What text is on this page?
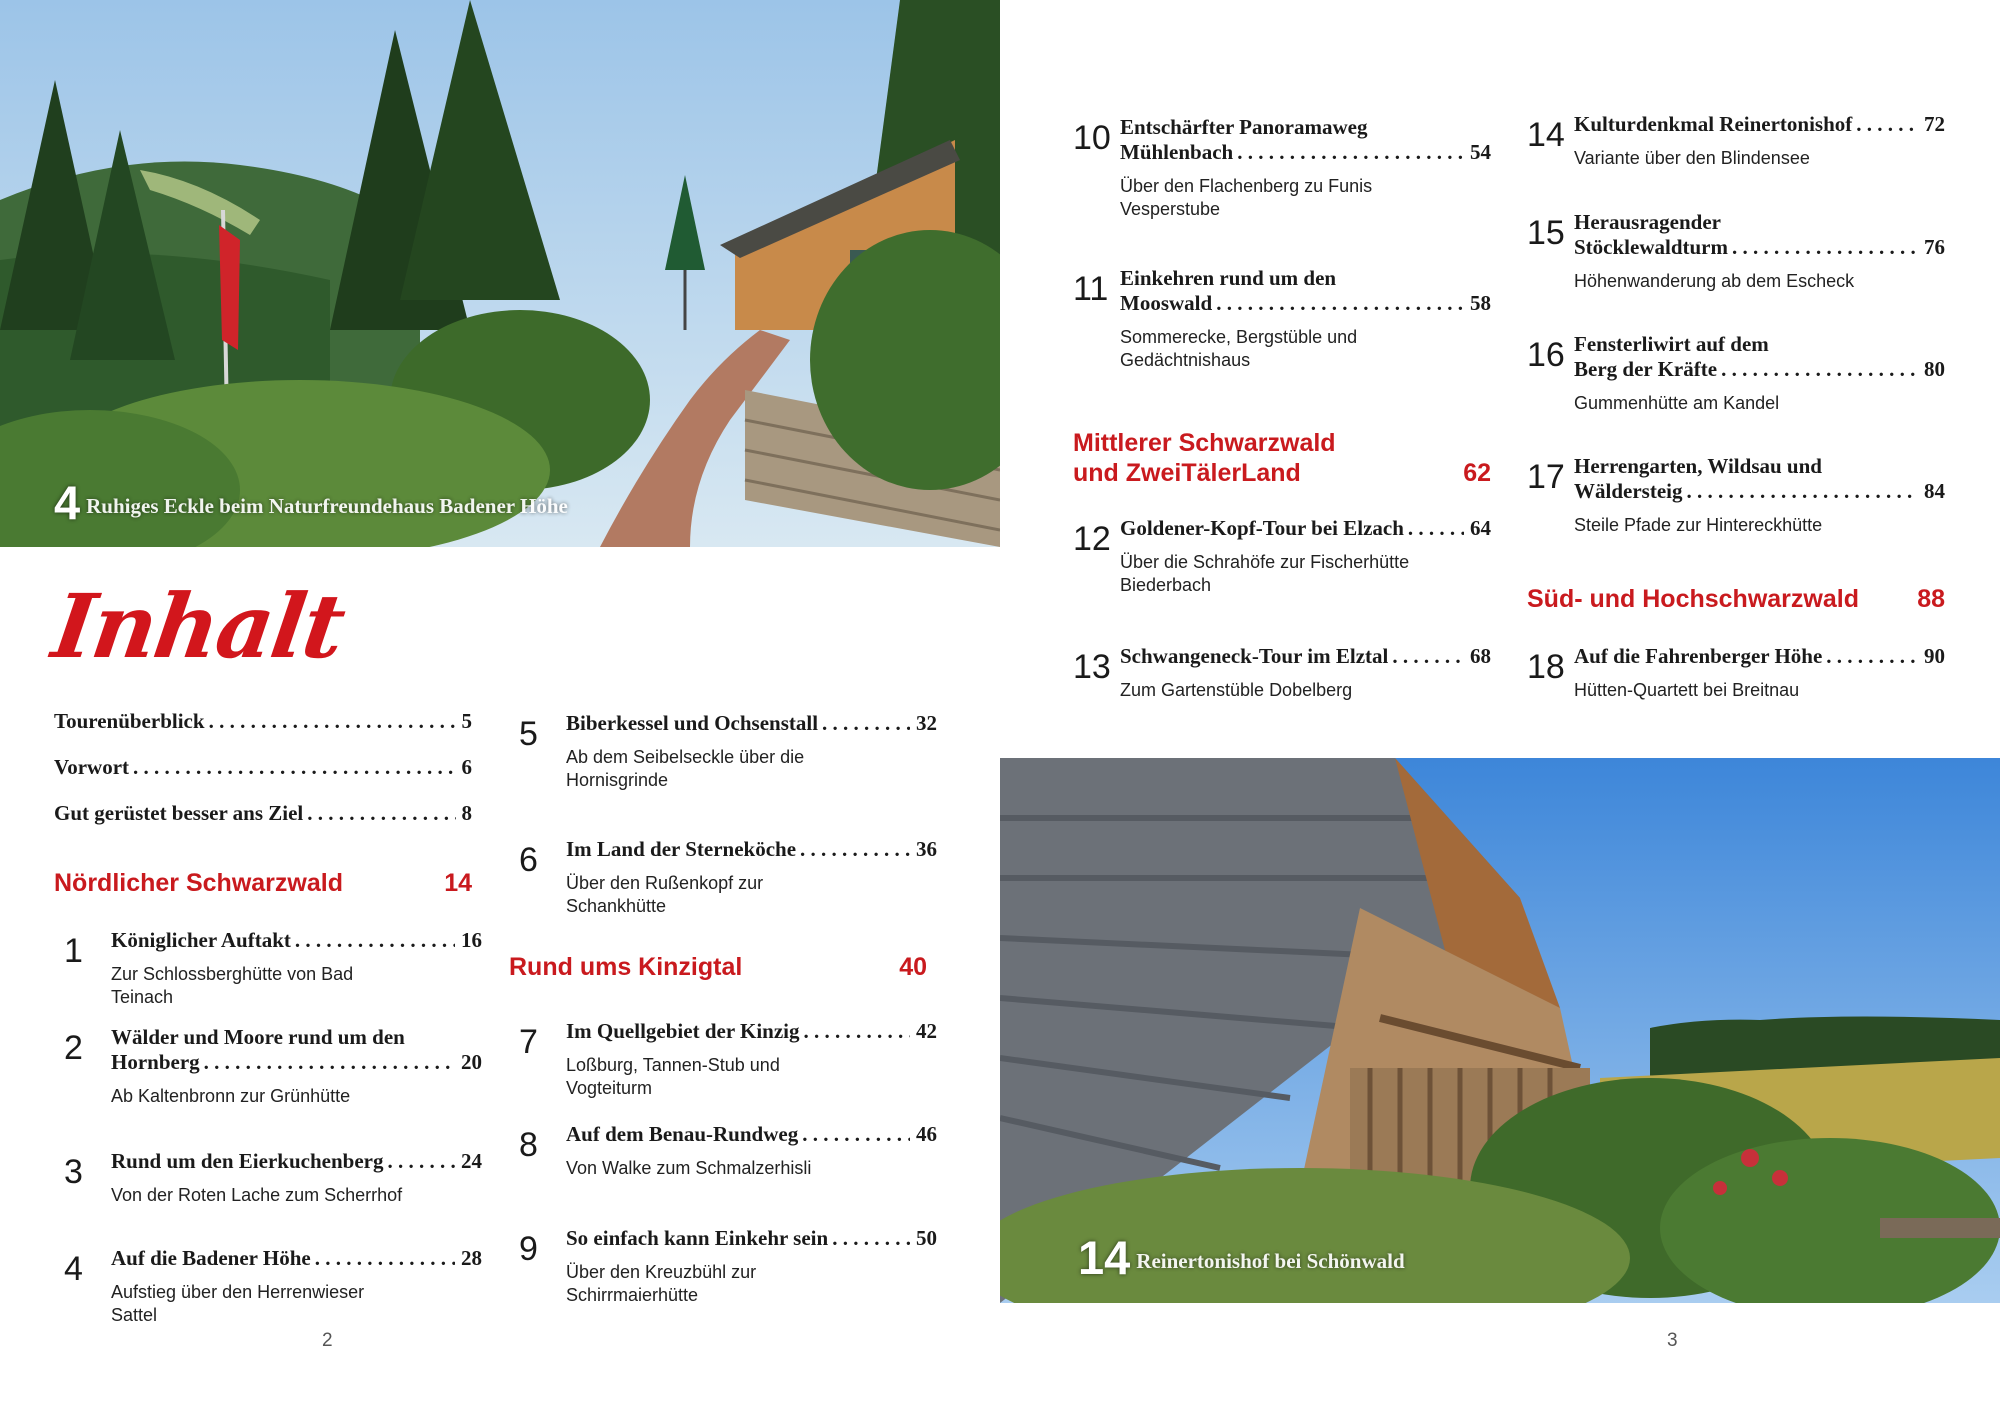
4 Ruhiges Eckle beim Naturfreundehaus Badener Höhe
14 Reinertonishof bei Schönwald
Inhalt
Tourenüberblick . . .	5
Vorwort . . .	6
Gut gerüstet besser ans Ziel . . .	8
Nördlicher Schwarzwald	14
Rund ums Kinzigtal	40
Mittlerer Schwarzwald
und ZweiTälerLand	62
Süd- und Hochschwarzwald 88
1 Königlicher Auftakt . . .	16
Zur Schlossberghütte von Bad Teinach
2 Wälder und Moore rund um den
Hornberg . . .	20
Ab Kaltenbronn zur Grünhütte
3 Rund um den Eierkuchenberg . . .	24
Von der Roten Lache zum Scherrhof
4 Auf die Badener Höhe . . .	28
Aufstieg über den Herrenwieser Sattel
5 Biberkessel und Ochsenstall . . .	32
Ab dem Seibelseckle über die Hornisgrinde
6 Im Land der Sterneköche . . .	36
Über den Rußenkopf zur Schankhütte
7 Im Quellgebiet der Kinzig . . .	42
Loßburg, Tannen-Stub und Vogteiturm
8 Auf dem Benau-Rundweg . . .	46
Von Walke zum Schmalzerhisli
9 So einfach kann Einkehr sein . . .	50
Über den Kreuzbühl zur Schirrmaierhütte
10 Entschärfter Panoramaweg
Mühlenbach . . .	54
Über den Flachenberg zu Funis Vesperstube
11 Einkehren rund um den
Mooswald . . .	58
Sommerecke, Bergstüble und Gedächtnishaus
12 Goldener-Kopf-Tour bei Elzach . . .	64
Über die Schrahöfe zur Fischerhütte Biederbach
13 Schwangeneck-Tour im Elztal . . .	68
Zum Gartenstüble Dobelberg
14 Kulturdenkmal Reinertonishof . . .	72
Variante über den Blindensee
15 Herausragender
Stöcklewaldturm . . .	76
Höhenwanderung ab dem Escheck
16 Fensterliwirt auf dem
Berg der Kräfte . . .	80
Gummenhütte am Kandel
17 Herrengarten, Wildsau und
Wäldersteig . . .	84
Steile Pfade zur Hintereckhütte
18 Auf die Fahrenberger Höhe . . .	90
Hütten-Quartett bei Breitnau
2	3
